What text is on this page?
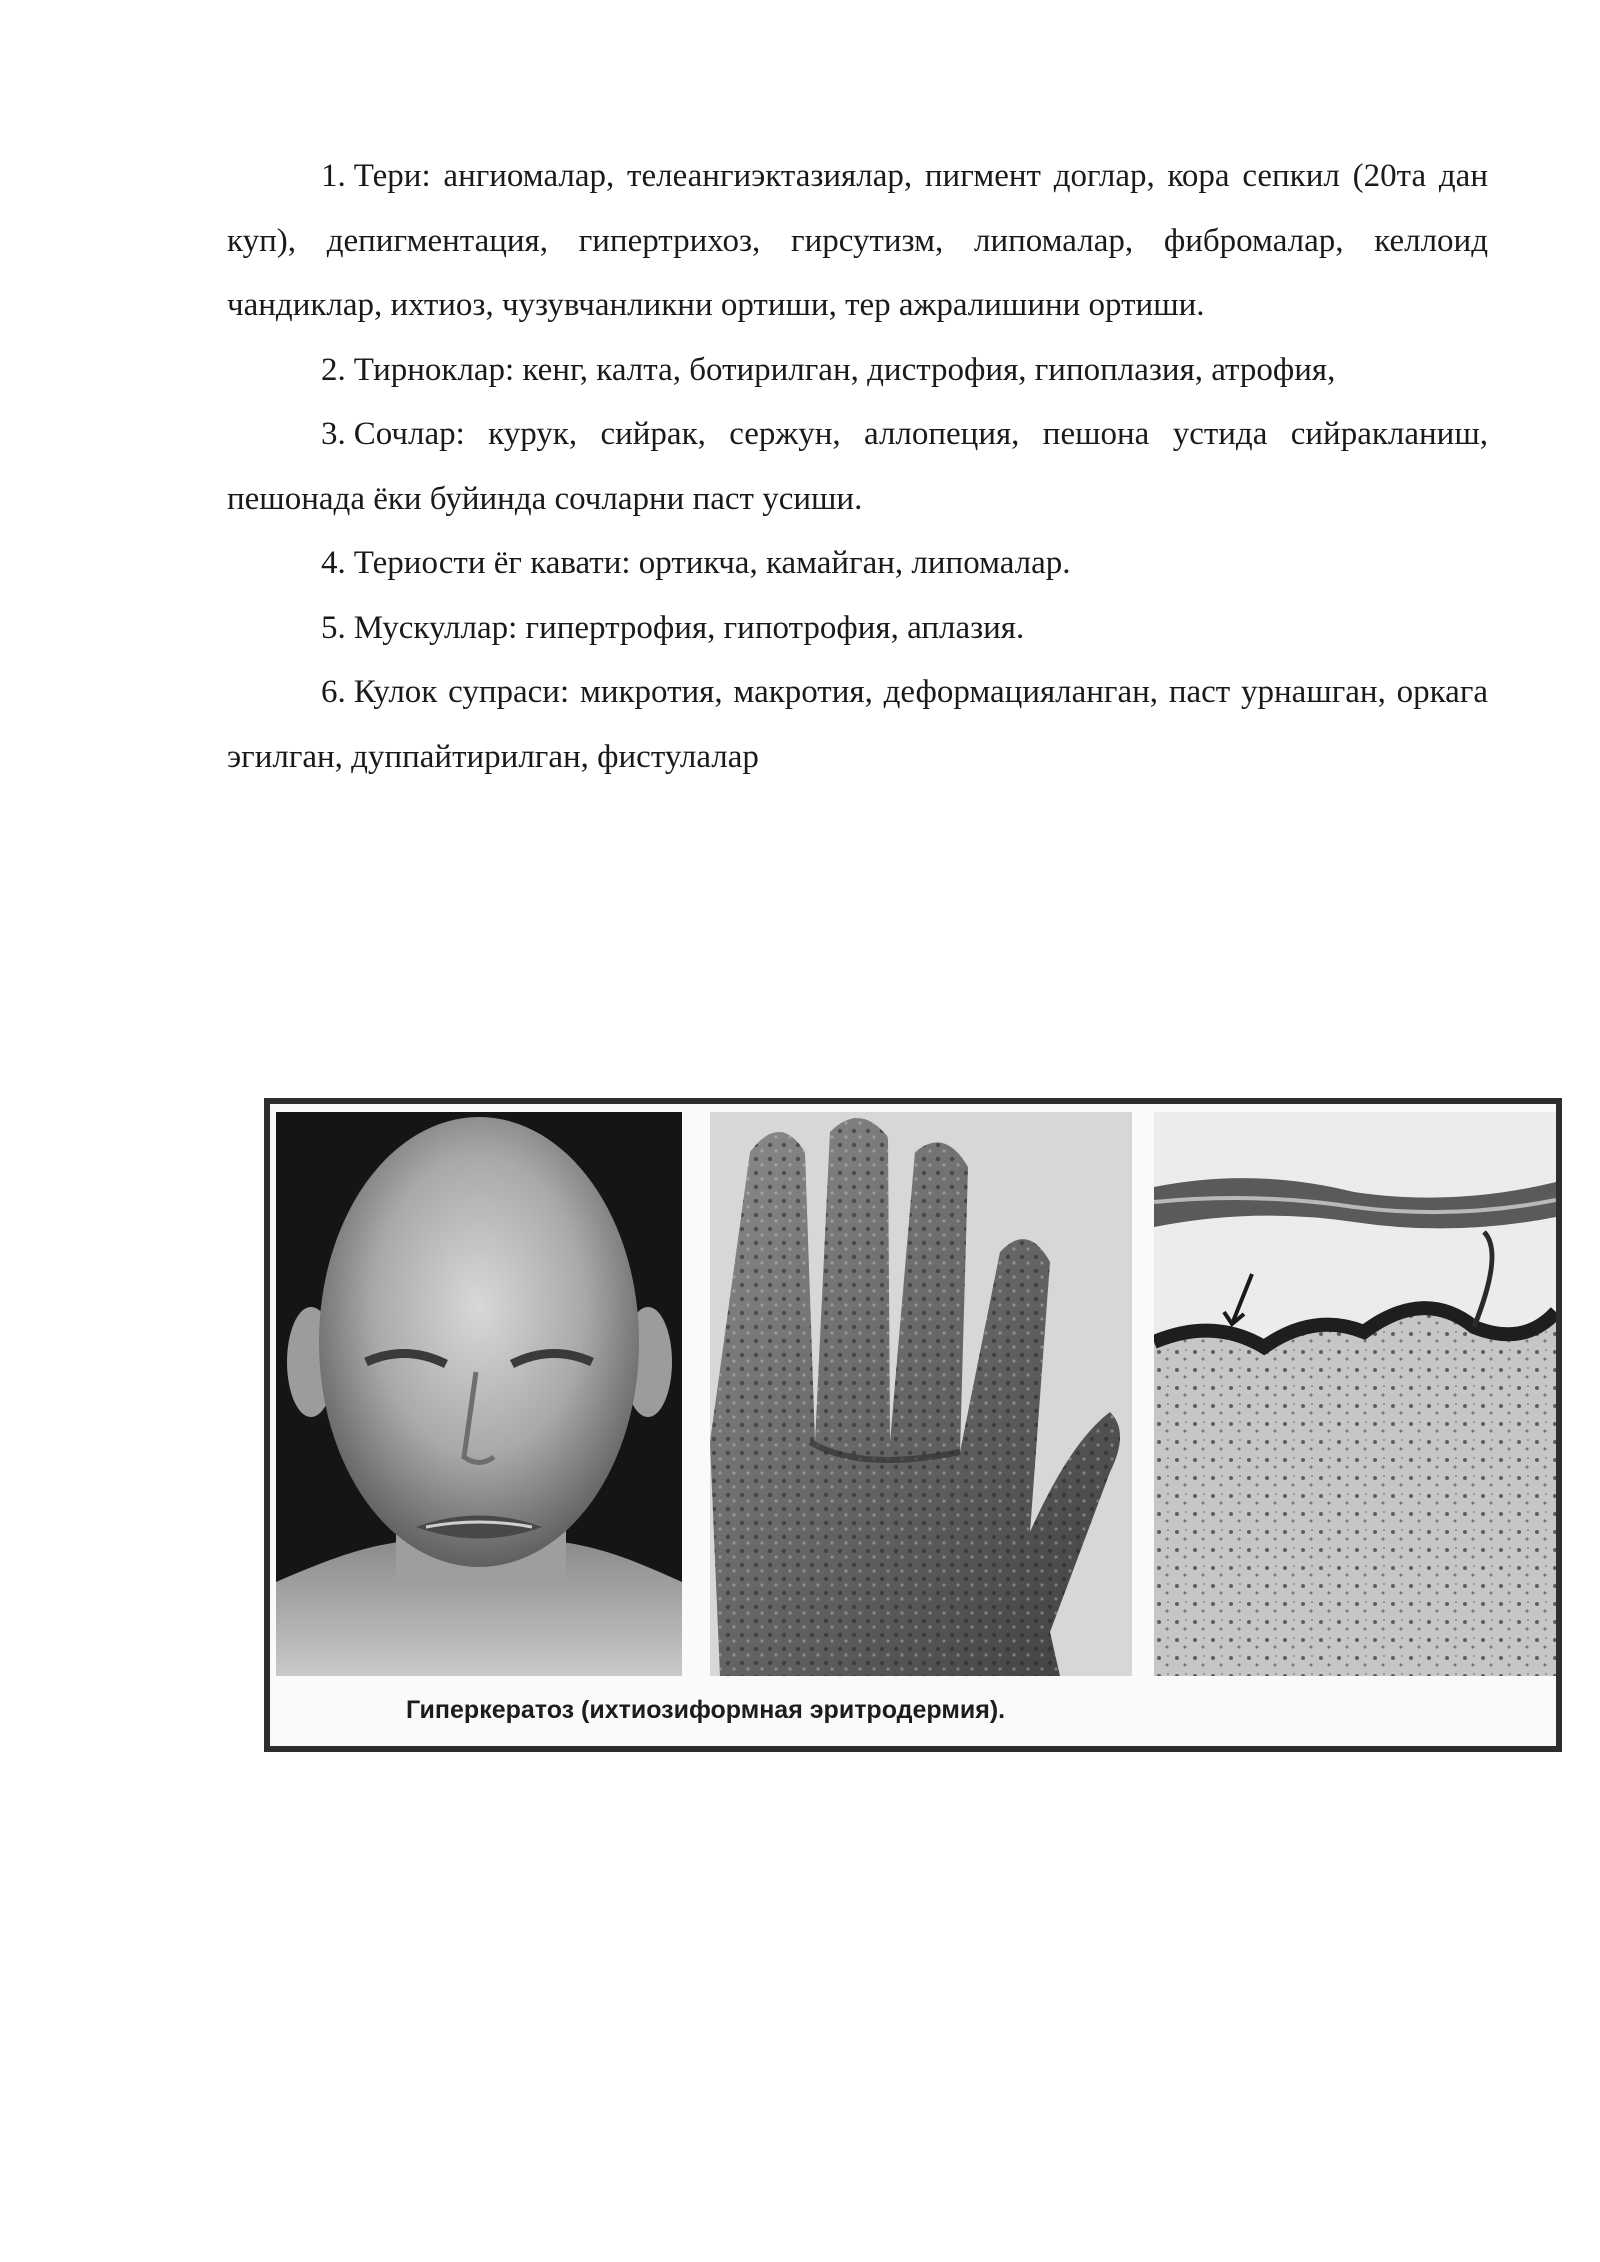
1. Тери: ангиомалар, телеангиэктазиялар, пигмент доглар, кора сепкил (20та дан куп), депигментация, гипертрихоз, гирсутизм, липомалар, фибромалар, келлоид чандиклар, ихтиоз, чузувчанликни ортиши, тер ажралишини ортиши.

2. Тирноклар: кенг, калта, ботирилган, дистрофия, гипоплазия, атрофия,

3. Сочлар: курук, сийрак, сержун, аллопеция, пешона устида сийракланиш, пешонада ёки буйинда сочларни паст усиши.

4. Териости ёг кавати: ортикча, камайган, липомалар.

5. Мускуллар: гипертрофия, гипотрофия, аплазия.

6. Кулок супраси: микротия, макротия, деформацияланган, паст урнашган, оркага эгилган, дуппайтирилган, фистулалар

Гиперкератоз (ихтиозиформная эритродермия).
